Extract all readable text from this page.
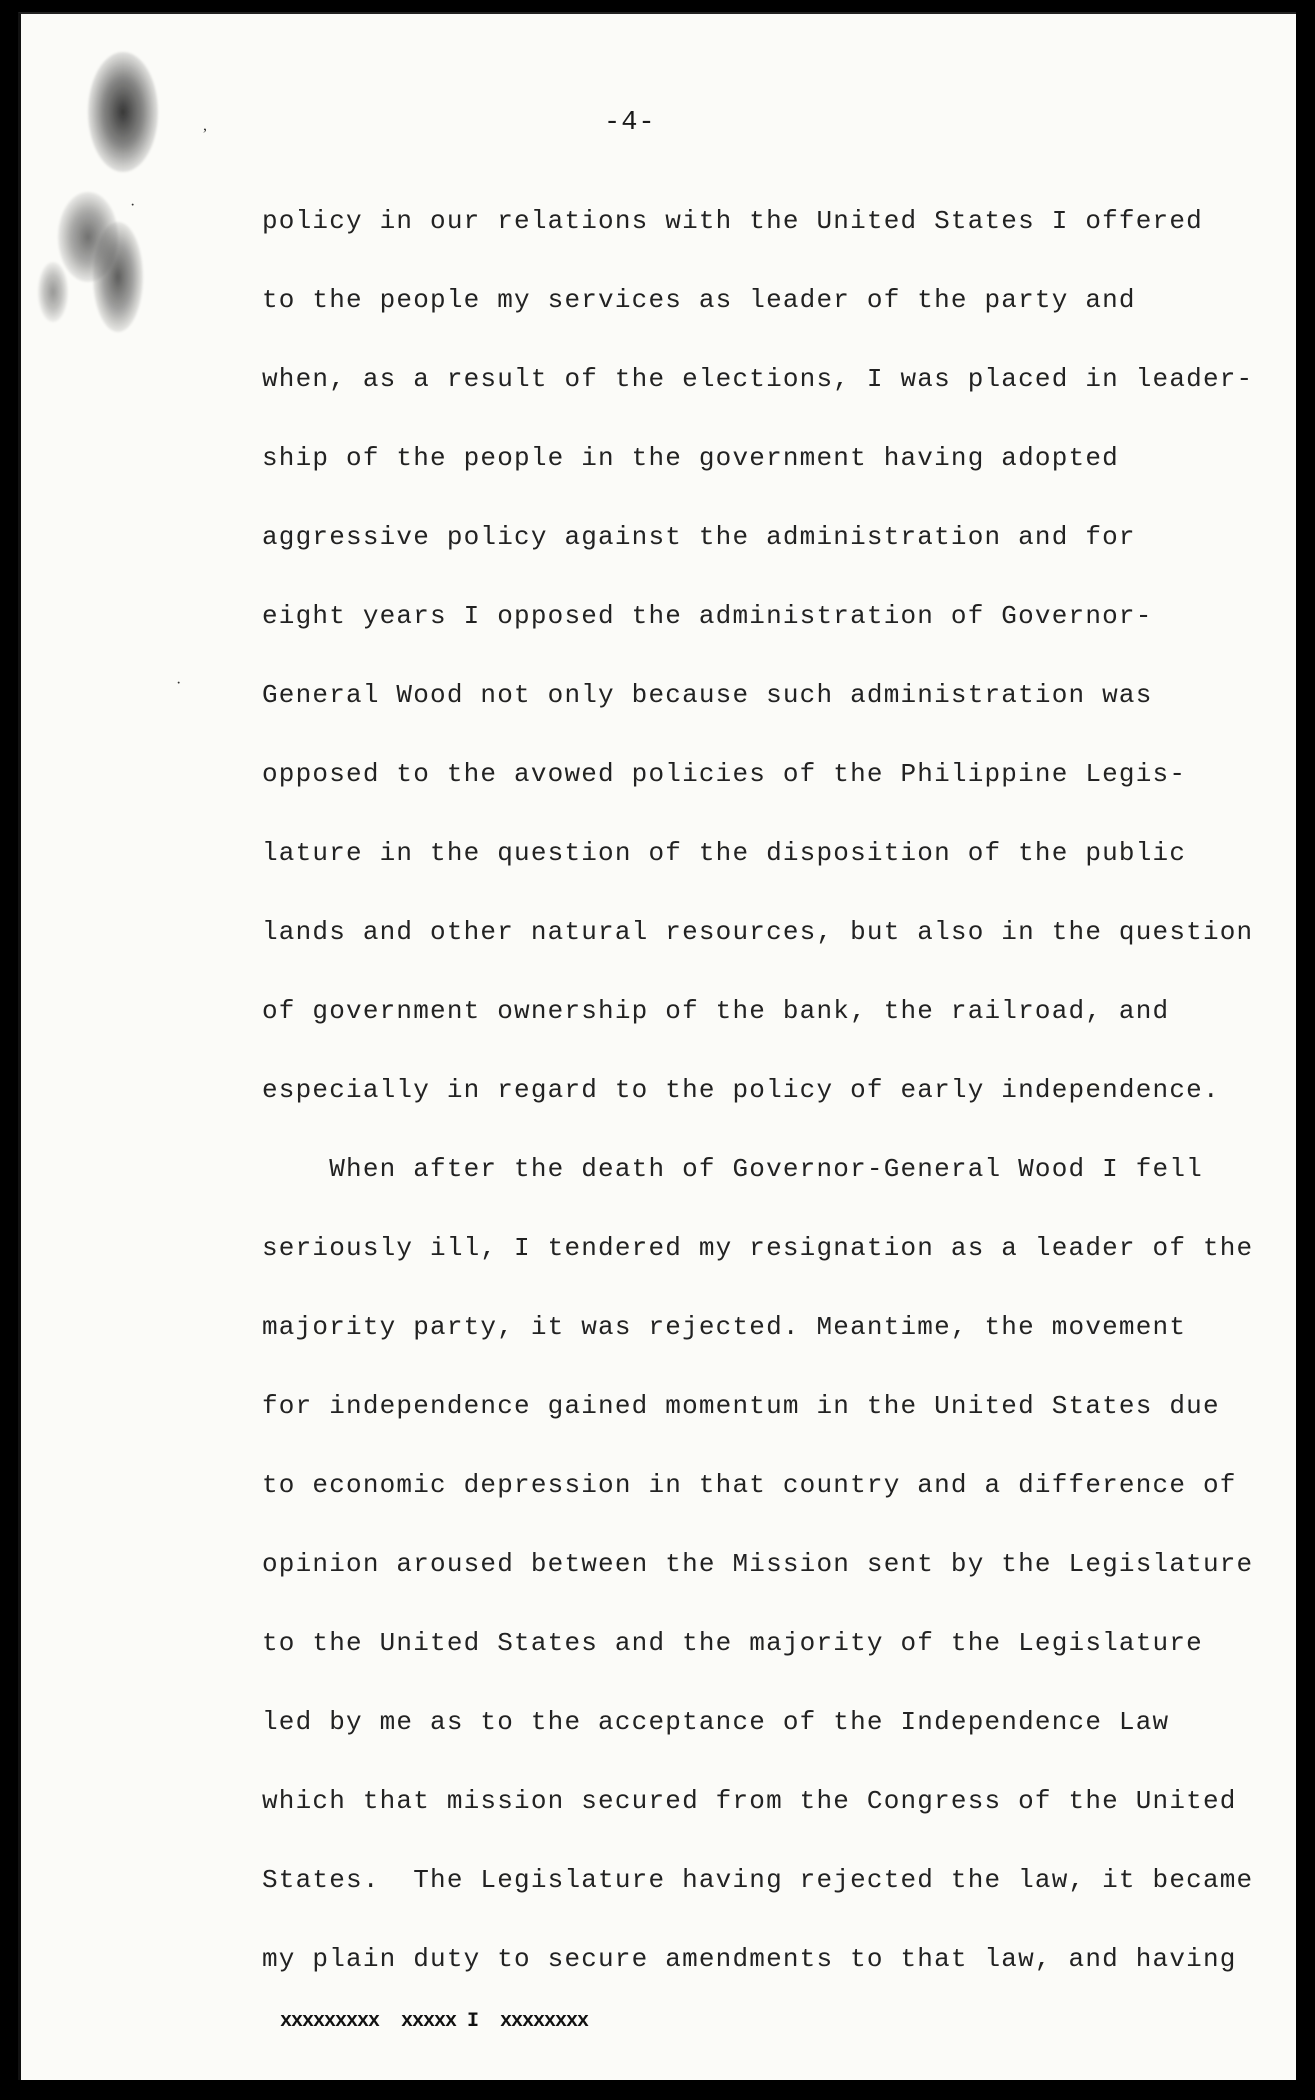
,
·
·
-4-
policy in our relations with the United States I offered
to the people my services as leader of the party and
when, as a result of the elections, I was placed in leader-
ship of the people in the government having adopted
aggressive policy against the administration and for
eight years I opposed the administration of Governor-
General Wood not only because such administration was
opposed to the avowed policies of the Philippine Legis-
lature in the question of the disposition of the public
lands and other natural resources, but also in the question
of government ownership of the bank, the railroad, and
especially in regard to the policy of early independence.
When after the death of Governor-General Wood I fell
seriously ill, I tendered my resignation as a leader of the
majority party, it was rejected. Meantime, the movement
for independence gained momentum in the United States due
to economic depression in that country and a difference of
opinion aroused between the Mission sent by the Legislature
to the United States and the majority of the Legislature
led by me as to the acceptance of the Independence Law
which that mission secured from the Congress of the United
States.  The Legislature having rejected the law, it became
my plain duty to secure amendments to that law, and having
xxxxxxxxx  xxxxx I  xxxxxxxx
